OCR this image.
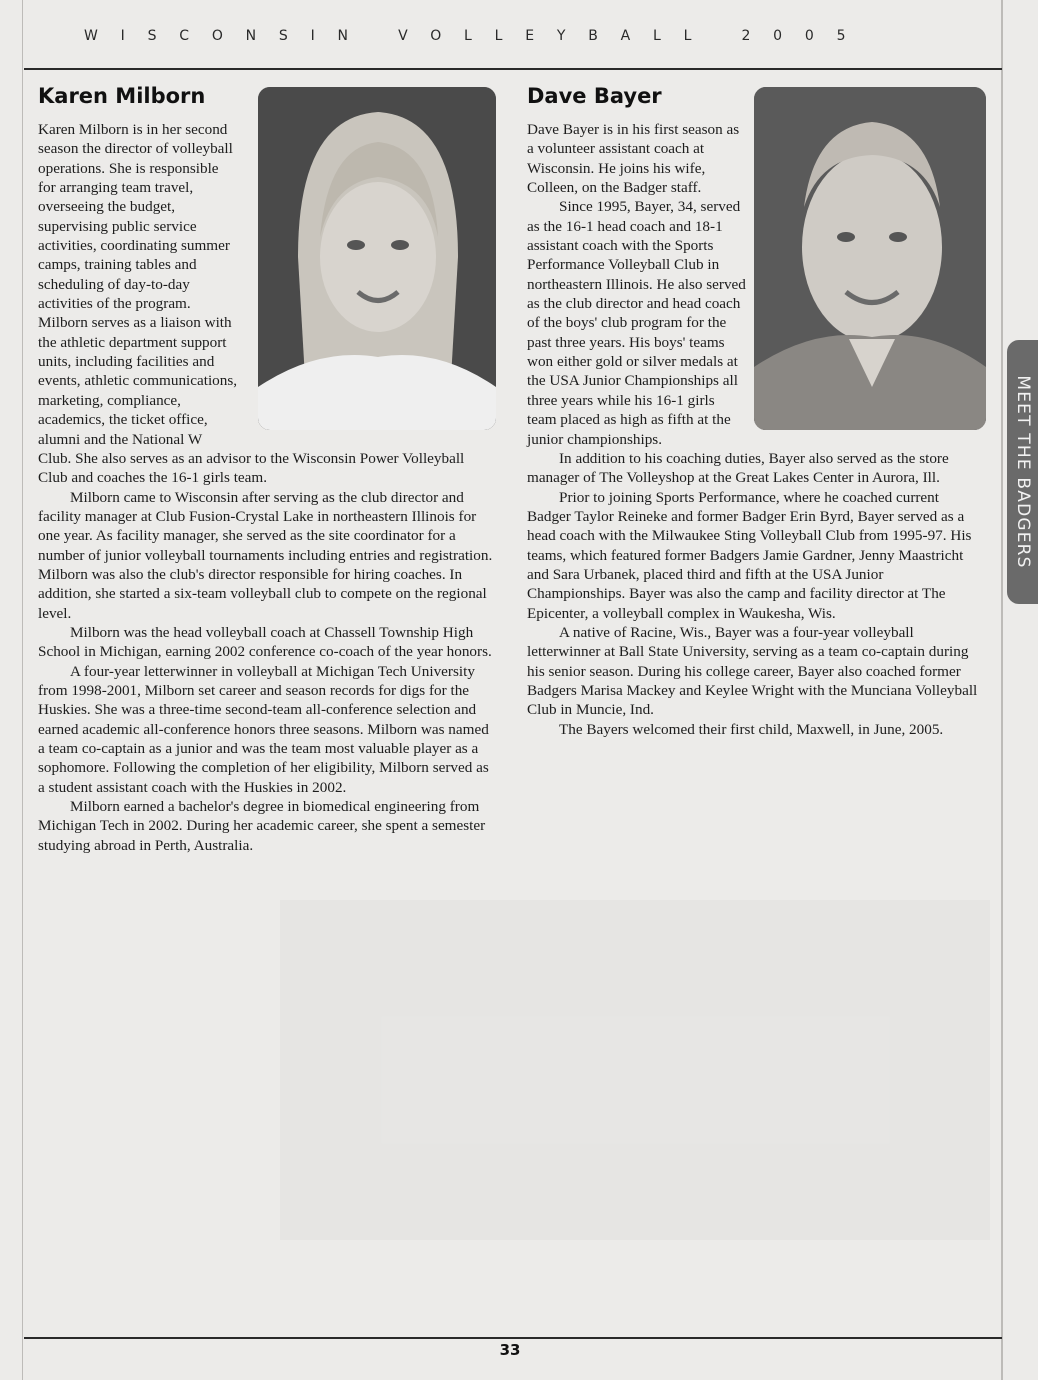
WISCONSIN VOLLEYBALL 2005
Karen Milborn

Karen Milborn is in her second season the director of volleyball operations. She is responsible for arranging team travel, overseeing the budget, supervising public service activities, coordinating summer camps, training tables and scheduling of day-to-day activities of the program. Milborn serves as a liaison with the athletic department support units, including facilities and events, athletic communications, marketing, compliance, academics, the ticket office, alumni and the National W Club. She also serves as an advisor to the Wisconsin Power Volleyball Club and coaches the 16-1 girls team.

Milborn came to Wisconsin after serving as the club director and facility manager at Club Fusion-Crystal Lake in northeastern Illinois for one year. As facility manager, she served as the site coordinator for a number of junior volleyball tournaments including entries and registration. Milborn was also the club's director responsible for hiring coaches. In addition, she started a six-team volleyball club to compete on the regional level.

Milborn was the head volleyball coach at Chassell Township High School in Michigan, earning 2002 conference co-coach of the year honors.

A four-year letterwinner in volleyball at Michigan Tech University from 1998-2001, Milborn set career and season records for digs for the Huskies. She was a three-time second-team all-conference selection and earned academic all-conference honors three seasons. Milborn was named a team co-captain as a junior and was the team most valuable player as a sophomore. Following the completion of her eligibility, Milborn served as a student assistant coach with the Huskies in 2002.

Milborn earned a bachelor's degree in biomedical engineering from Michigan Tech in 2002. During her academic career, she spent a semester studying abroad in Perth, Australia.

Dave Bayer

Dave Bayer is in his first season as a volunteer assistant coach at Wisconsin. He joins his wife, Colleen, on the Badger staff.

Since 1995, Bayer, 34, served as the 16-1 head coach and 18-1 assistant coach with the Sports Performance Volleyball Club in northeastern Illinois. He also served as the club director and head coach of the boys' club program for the past three years. His boys' teams won either gold or silver medals at the USA Junior Championships all three years while his 16-1 girls team placed as high as fifth at the junior championships.

In addition to his coaching duties, Bayer also served as the store manager of The Volleyshop at the Great Lakes Center in Aurora, Ill.

Prior to joining Sports Performance, where he coached current Badger Taylor Reineke and former Badger Erin Byrd, Bayer served as a head coach with the Milwaukee Sting Volleyball Club from 1995-97. His teams, which featured former Badgers Jamie Gardner, Jenny Maastricht and Sara Urbanek, placed third and fifth at the USA Junior Championships. Bayer was also the camp and facility director at The Epicenter, a volleyball complex in Waukesha, Wis.

A native of Racine, Wis., Bayer was a four-year volleyball letterwinner at Ball State University, serving as a team co-captain during his senior season. During his college career, Bayer also coached former Badgers Marisa Mackey and Keylee Wright with the Munciana Volleyball Club in Muncie, Ind.

The Bayers welcomed their first child, Maxwell, in June, 2005.

MEET THE BADGERS
33
